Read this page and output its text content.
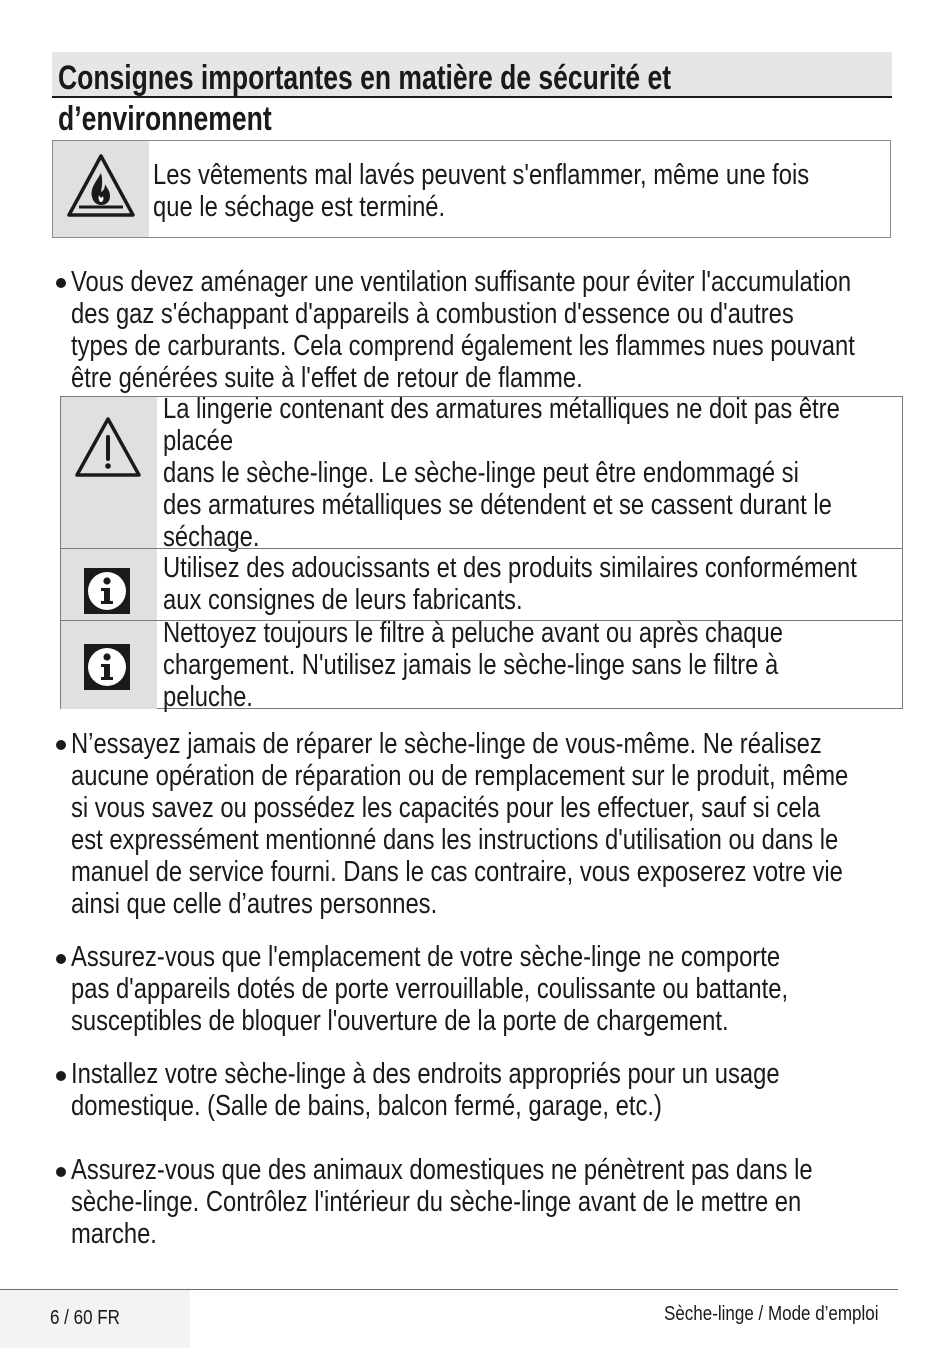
Consignes importantes en matière de sécurité et
d’environnement
Les vêtements mal lavés peuvent s'enflammer, même une fois
que le séchage est terminé.
Vous devez aménager une ventilation suffisante pour éviter l'accumulation
des gaz s'échappant d'appareils à combustion d'essence ou d'autres
types de carburants. Cela comprend également les flammes nues pouvant
être générées suite à l'effet de retour de flamme.
La lingerie contenant des armatures métalliques ne doit pas être
placée
dans le sèche-linge. Le sèche-linge peut être endommagé si
des armatures métalliques se détendent et se cassent durant le
séchage.
Utilisez des adoucissants et des produits similaires conformément
aux consignes de leurs fabricants.
Nettoyez toujours le filtre à peluche avant ou après chaque
chargement. N'utilisez jamais le sèche-linge sans le filtre à
peluche.
N’essayez jamais de réparer le sèche-linge de vous-même. Ne réalisez
aucune opération de réparation ou de remplacement sur le produit, même
si vous savez ou possédez les capacités pour les effectuer, sauf si cela
est expressément mentionné dans les instructions d'utilisation ou dans le
manuel de service fourni. Dans le cas contraire, vous exposerez votre vie
ainsi que celle d’autres personnes.
Assurez-vous que l'emplacement de votre sèche-linge ne comporte
pas d'appareils dotés de porte verrouillable, coulissante ou battante,
susceptibles de bloquer l'ouverture de la porte de chargement.
Installez votre sèche-linge à des endroits appropriés pour un usage
domestique. (Salle de bains, balcon fermé, garage, etc.)
Assurez-vous que des animaux domestiques ne pénètrent pas dans le
sèche-linge. Contrôlez l'intérieur du sèche-linge avant de le mettre en
marche.
6 / 60 FR	Sèche-linge / Mode d’emploi
